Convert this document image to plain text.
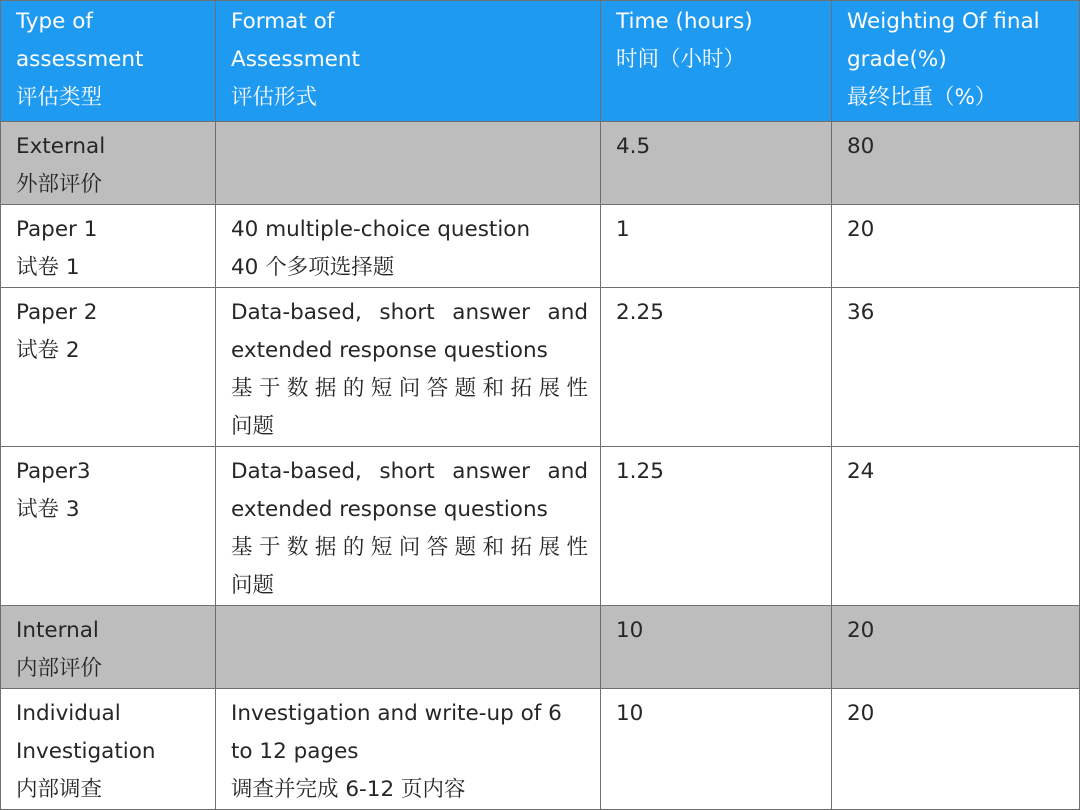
Type of
assessment
评估类型	Format of
Assessment
评估形式	Time (hours)
时间（小时）	Weighting Of final
grade(%)
最终比重（%）

External
外部评价		4.5	80

Paper 1
试卷 1	40 multiple-choice question
40 个多项选择题	1	20

Paper 2
试卷 2	Data-based, short answer and
extended response questions
基于数据的短问答题和拓展性
问题	2.25	36

Paper3
试卷 3	Data-based, short answer and
extended response questions
基于数据的短问答题和拓展性
问题	1.25	24

Internal
内部评价		10	20

Individual
Investigation
内部调查	Investigation and write-up of 6
to 12 pages
调查并完成 6-12 页内容	10	20
